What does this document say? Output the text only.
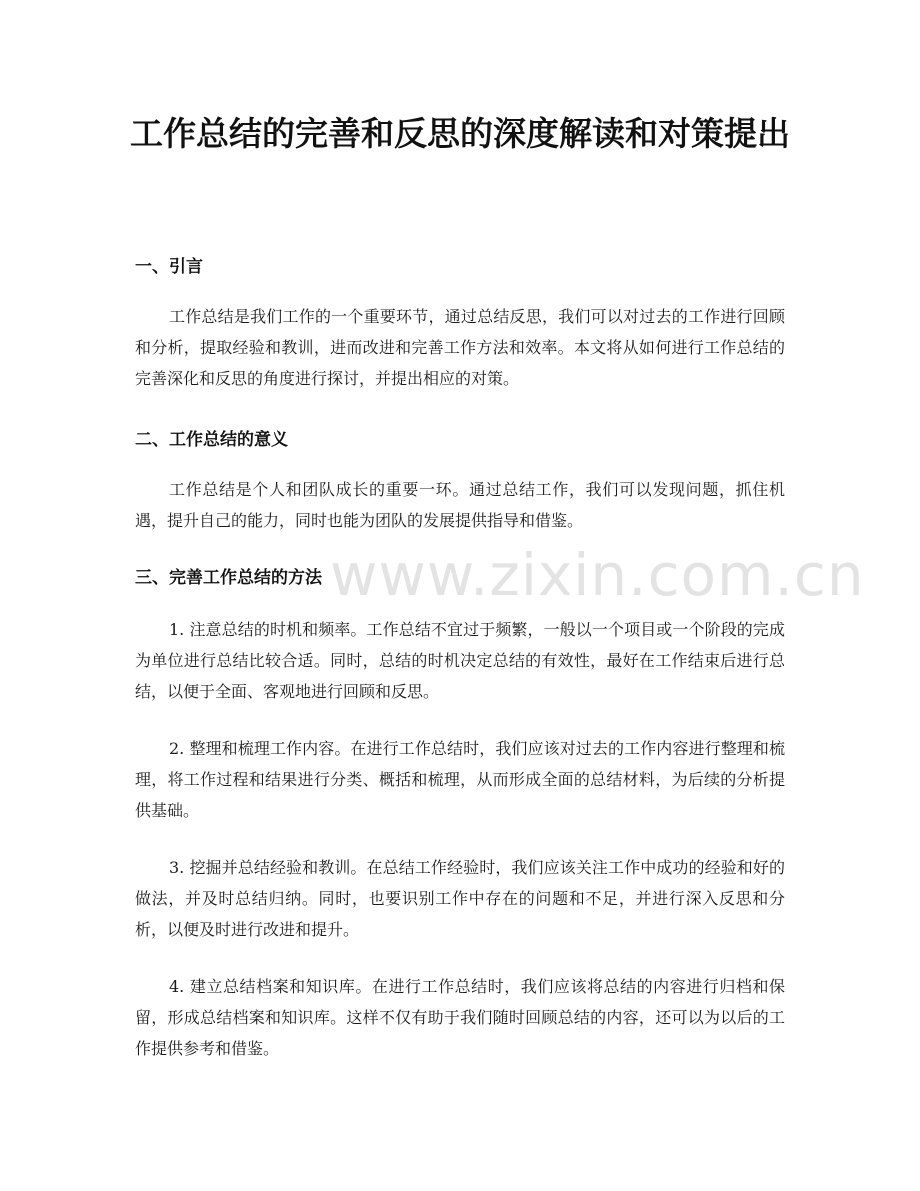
www.zixin.com.cn
工作总结的完善和反思的深度解读和对策提出
一、引言

工作总结是我们工作的一个重要环节，通过总结反思，我们可以对过去的工作进行回顾和分析，提取经验和教训，进而改进和完善工作方法和效率。本文将从如何进行工作总结的完善深化和反思的角度进行探讨，并提出相应的对策。

二、工作总结的意义

工作总结是个人和团队成长的重要一环。通过总结工作，我们可以发现问题，抓住机遇，提升自己的能力，同时也能为团队的发展提供指导和借鉴。

三、完善工作总结的方法

1. 注意总结的时机和频率。工作总结不宜过于频繁，一般以一个项目或一个阶段的完成为单位进行总结比较合适。同时，总结的时机决定总结的有效性，最好在工作结束后进行总结，以便于全面、客观地进行回顾和反思。

2. 整理和梳理工作内容。在进行工作总结时，我们应该对过去的工作内容进行整理和梳理，将工作过程和结果进行分类、概括和梳理，从而形成全面的总结材料，为后续的分析提供基础。

3. 挖掘并总结经验和教训。在总结工作经验时，我们应该关注工作中成功的经验和好的做法，并及时总结归纳。同时，也要识别工作中存在的问题和不足，并进行深入反思和分析，以便及时进行改进和提升。

4. 建立总结档案和知识库。在进行工作总结时，我们应该将总结的内容进行归档和保留，形成总结档案和知识库。这样不仅有助于我们随时回顾总结的内容，还可以为以后的工作提供参考和借鉴。
